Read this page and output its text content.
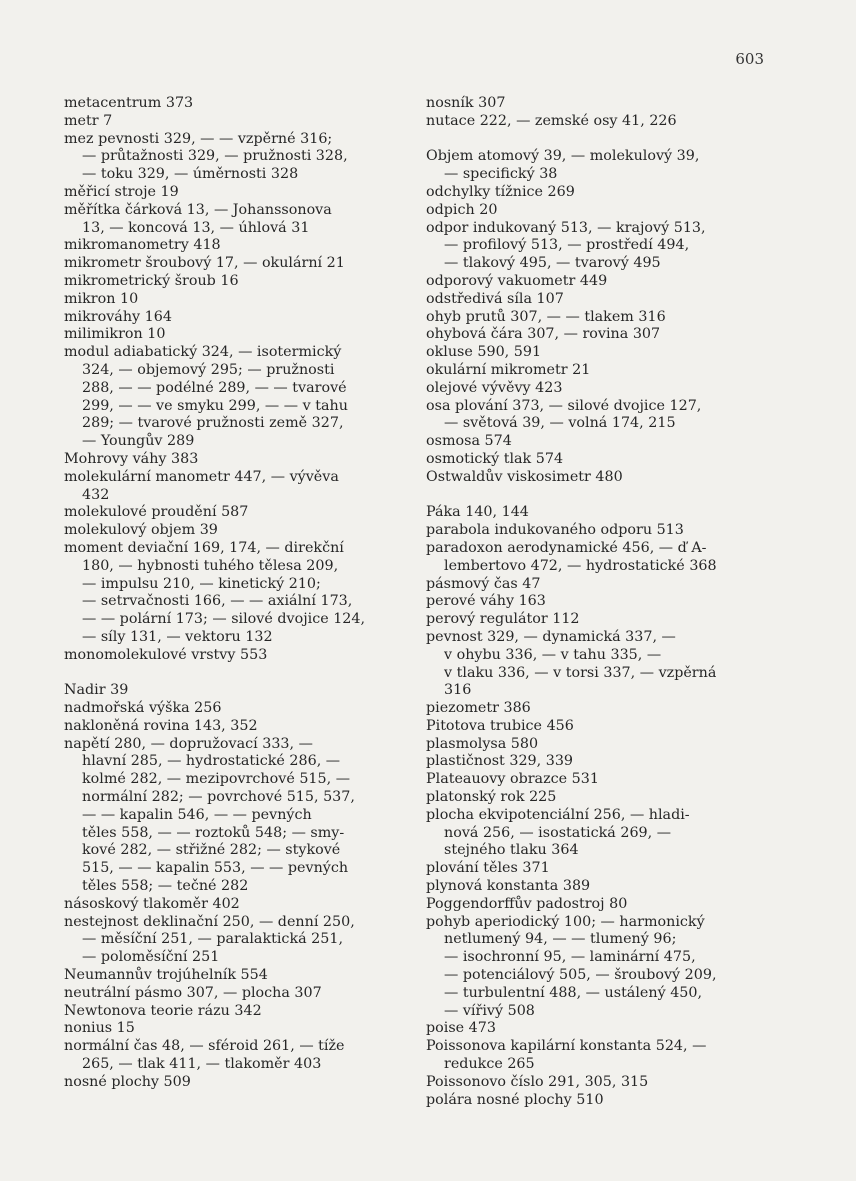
603
metacentrum 373
metr 7
mez pevnosti 329, — — vzpěrné 316;
— průtažnosti 329, — pružnosti 328,
— toku 329, — úměrnosti 328
měřicí stroje 19
měřítka čárková 13, — Johanssonova
13, — koncová 13, — úhlová 31
mikromanometry 418
mikrometr šroubový 17, — okulární 21
mikrometrický šroub 16
mikron 10
mikrováhy 164
milimikron 10
modul adiabatický 324, — isotermický
324, — objemový 295; — pružnosti
288, — — podélné 289, — — tvarové
299, — — ve smyku 299, — — v tahu
289; — tvarové pružnosti země 327,
— Youngův 289
Mohrovy váhy 383
molekulární manometr 447, — vývěva
432
molekulové proudění 587
molekulový objem 39
moment deviační 169, 174, — direkční
180, — hybnosti tuhého tělesa 209,
— impulsu 210, — kinetický 210;
— setrvačnosti 166, — — axiální 173,
— — polární 173; — silové dvojice 124,
— síly 131, — vektoru 132
monomolekulové vrstvy 553
Nadir 39
nadmořská výška 256
nakloněná rovina 143, 352
napětí 280, — dopružovací 333, —
hlavní 285, — hydrostatické 286, —
kolmé 282, — mezipovrchové 515, —
normální 282; — povrchové 515, 537,
— — kapalin 546, — — pevných
těles 558, — — roztoků 548; — smy-
kové 282, — střižné 282; — stykové
515, — — kapalin 553, — — pevných
těles 558; — tečné 282
násoskový tlakoměr 402
nestejnost deklinační 250, — denní 250,
— měsíční 251, — paralaktická 251,
— poloměsíční 251
Neumannův trojúhelník 554
neutrální pásmo 307, — plocha 307
Newtonova teorie rázu 342
nonius 15
normální čas 48, — sféroid 261, — tíže
265, — tlak 411, — tlakoměr 403
nosné plochy 509
nosník 307
nutace 222, — zemské osy 41, 226
Objem atomový 39, — molekulový 39,
— specifický 38
odchylky tížnice 269
odpich 20
odpor indukovaný 513, — krajový 513,
— profilový 513, — prostředí 494,
— tlakový 495, — tvarový 495
odporový vakuometr 449
odstředivá síla 107
ohyb prutů 307, — — tlakem 316
ohybová čára 307, — rovina 307
okluse 590, 591
okulární mikrometr 21
olejové vývěvy 423
osa plování 373, — silové dvojice 127,
— světová 39, — volná 174, 215
osmosa 574
osmotický tlak 574
Ostwaldův viskosimetr 480
Páka 140, 144
parabola indukovaného odporu 513
paradoxon aerodynamické 456, — ď A-
lembertovo 472, — hydrostatické 368
pásmový čas 47
perové váhy 163
perový regulátor 112
pevnost 329, — dynamická 337, —
v ohybu 336, — v tahu 335, —
v tlaku 336, — v torsi 337, — vzpěrná
316
piezometr 386
Pitotova trubice 456
plasmolysa 580
plastičnost 329, 339
Plateauovy obrazce 531
platonský rok 225
plocha ekvipotenciální 256, — hladi-
nová 256, — isostatická 269, —
stejného tlaku 364
plování těles 371
plynová konstanta 389
Poggendorffův padostroj 80
pohyb aperiodický 100; — harmonický
netlumený 94, — — tlumený 96;
— isochronní 95, — laminární 475,
— potenciálový 505, — šroubový 209,
— turbulentní 488, — ustálený 450,
— vířivý 508
poise 473
Poissonova kapilární konstanta 524, —
redukce 265
Poissonovo číslo 291, 305, 315
polára nosné plochy 510
